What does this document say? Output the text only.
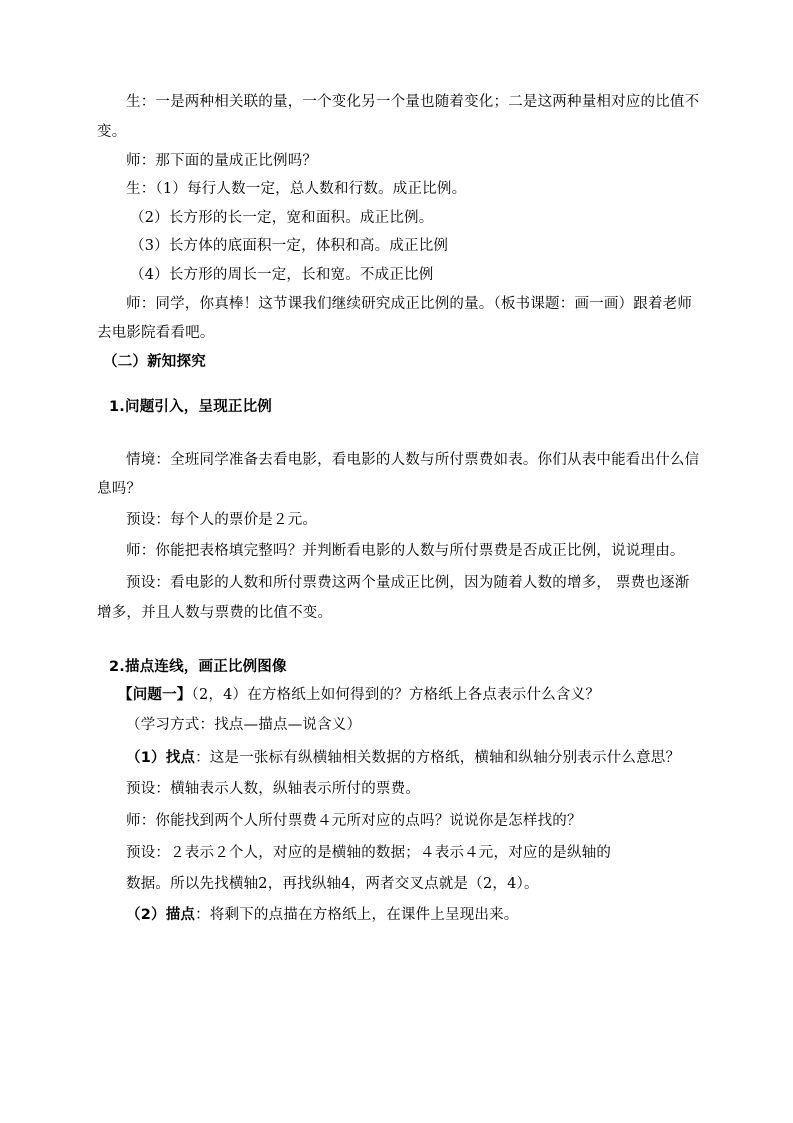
生：一是两种相关联的量，一个变化另一个量也随着变化；二是这两种量相对应的比值不
变。
师：那下面的量成正比例吗？
生：（1）每行人数一定，总人数和行数。成正比例。
（2）长方形的长一定，宽和面积。成正比例。
（3）长方体的底面积一定，体积和高。成正比例
（4）长方形的周长一定，长和宽。不成正比例
师：同学，你真棒！这节课我们继续研究成正比例的量。（板书课题：画一画）跟着老师
去电影院看看吧。
（二）新知探究
1.问题引入，呈现正比例
情境：全班同学准备去看电影，看电影的人数与所付票费如表。你们从表中能看出什么信
息吗？
预设：每个人的票价是２元。
师：你能把表格填完整吗？并判断看电影的人数与所付票费是否成正比例，说说理由。
预设：看电影的人数和所付票费这两个量成正比例，因为随着人数的增多， 票费也逐渐
增多，并且人数与票费的比值不变。
2.描点连线，画正比例图像
【问题一】（2，4）在方格纸上如何得到的？方格纸上各点表示什么含义？
（学习方式：找点—描点—说含义）
（1）找点：这是一张标有纵横轴相关数据的方格纸，横轴和纵轴分别表示什么意思？
预设：横轴表示人数，纵轴表示所付的票费。
师：你能找到两个人所付票费４元所对应的点吗？说说你是怎样找的？
预设：２表示２个人，对应的是横轴的数据；４表示４元，对应的是纵轴的
数据。所以先找横轴2，再找纵轴4，两者交叉点就是（2，4）。
（2）描点：将剩下的点描在方格纸上，在课件上呈现出来。
